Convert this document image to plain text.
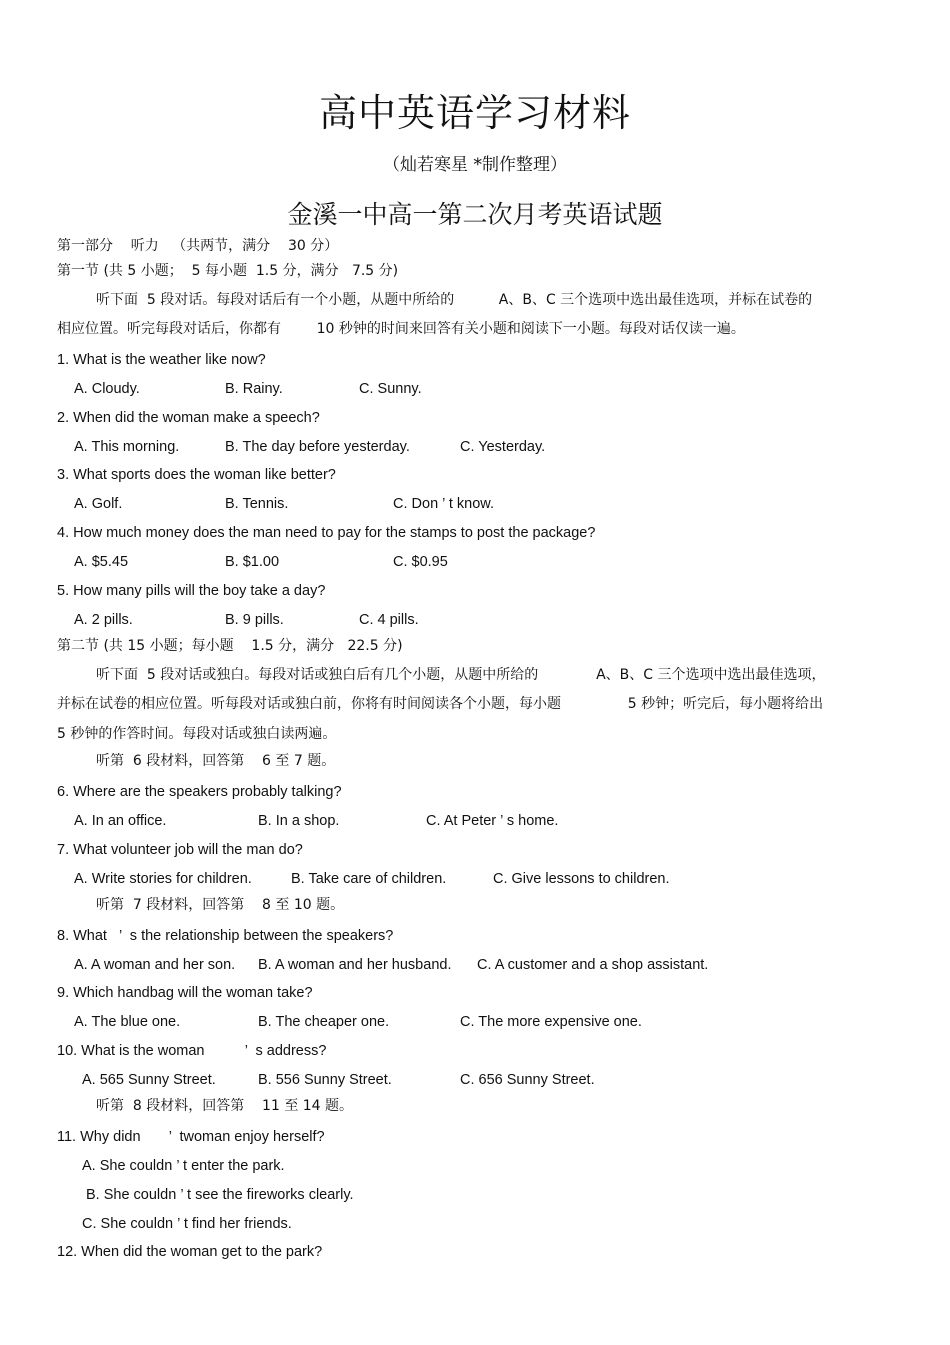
高中英语学习材料
（灿若寒星 *制作整理）
金溪一中高一第二次月考英语试题
第一部分    听力   （共两节，满分    30 分）
第一节 (共 5 小题；  5 每小题  1.5 分，满分   7.5 分)
听下面  5 段对话。每段对话后有一个小题，从题中所给的          A、B、C 三个选项中选出最佳选项，并标在试卷的
相应位置。听完每段对话后，你都有        10 秒钟的时间来回答有关小题和阅读下一小题。每段对话仅读一遍。
1. What is the weather like now?
A. Cloudy.	B. Rainy.	C. Sunny.
2. When did the woman make a speech?
A. This morning.	B. The day before yesterday.	C. Yesterday.
3. What sports does the woman like better?
A. Golf.	B. Tennis.	C. Don ’ t know.
4. How much money does the man need to pay for the stamps to post the package?
A. $5.45	B. $1.00	C. $0.95
5. How many pills will the boy take a day?
A. 2 pills.	B. 9 pills.	C. 4 pills.
第二节 (共 15 小题；每小题    1.5 分，满分   22.5 分)
听下面  5 段对话或独白。每段对话或独白后有几个小题，从题中所给的             A、B、C 三个选项中选出最佳选项，
并标在试卷的相应位置。听每段对话或独白前，你将有时间阅读各个小题，每小题               5 秒钟；听完后，每小题将给出
5 秒钟的作答时间。每段对话或独白读两遍。
听第  6 段材料，回答第    6 至 7 题。
6. Where are the speakers probably talking?
A. In an office.	B. In a shop.	C. At Peter ’ s home.
7. What volunteer job will the man do?
A. Write stories for children.	B. Take care of children.	C. Give lessons to children.
听第  7 段材料，回答第    8 至 10 题。
8. What   ’  s the relationship between the speakers?
A. A woman and her son. B. A woman and her husband. C. A customer and a shop assistant.
9. Which handbag will the woman take?
A. The blue one.	B. The cheaper one.	C. The more expensive one.
10. What is the woman          ’  s address?
A. 565 Sunny Street.	B. 556 Sunny Street.	C. 656 Sunny Street.
听第  8 段材料，回答第    11 至 14 题。
11. Why didn       ’  twoman enjoy herself?
A. She couldn ’ t enter the park.
B. She couldn ’ t see the fireworks clearly.
C. She couldn ’ t find her friends.
12. When did the woman get to the park?
